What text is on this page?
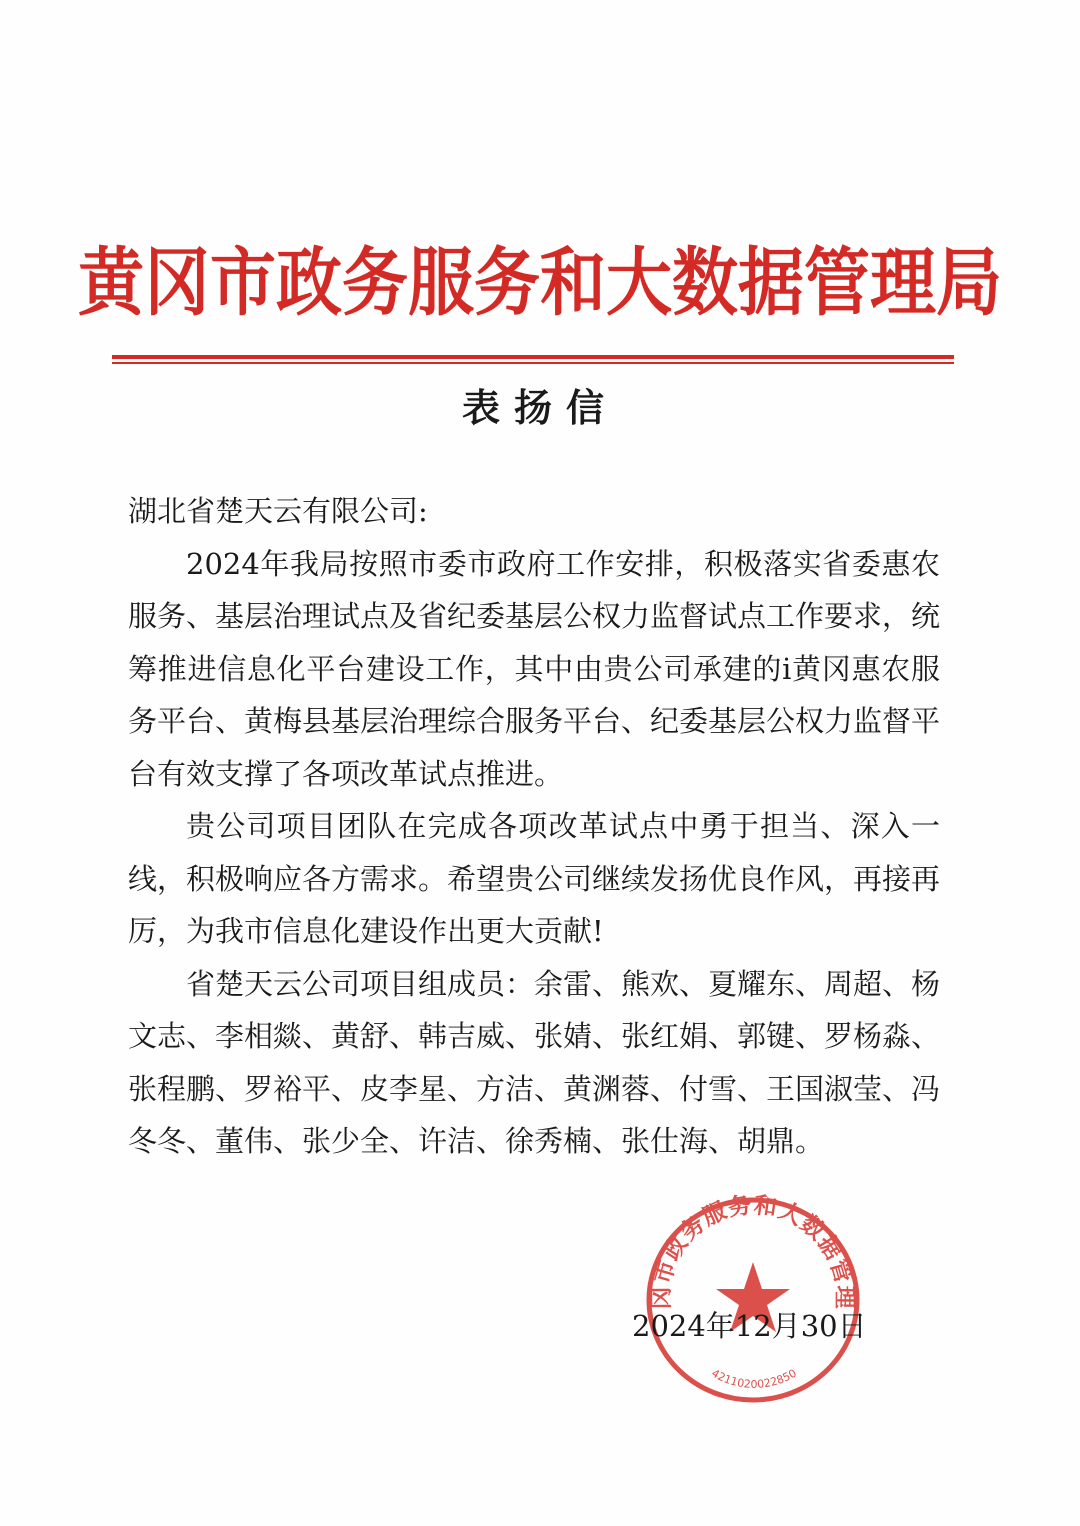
黄冈市政务服务和大数据管理局
表扬信

湖北省楚天云有限公司:

2024年我局按照市委市政府工作安排，积极落实省委惠农服务、基层治理试点及省纪委基层公权力监督试点工作要求，统筹推进信息化平台建设工作，其中由贵公司承建的i黄冈惠农服务平台、黄梅县基层治理综合服务平台、纪委基层公权力监督平台有效支撑了各项改革试点推进。

贵公司项目团队在完成各项改革试点中勇于担当、深入一线，积极响应各方需求。希望贵公司继续发扬优良作风，再接再厉，为我市信息化建设作出更大贡献!

省楚天云公司项目组成员：余雷、熊欢、夏耀东、周超、杨文志、李相燚、黄舒、韩吉威、张婧、张红娟、郭键、罗杨淼、张程鹏、罗裕平、皮李星、方洁、黄渊蓉、付雪、王国淑莹、冯冬冬、董伟、张少全、许洁、徐秀楠、张仕海、胡鼎。

冈市政务服务和大数据管理
4211020022850
2024年12月30日
